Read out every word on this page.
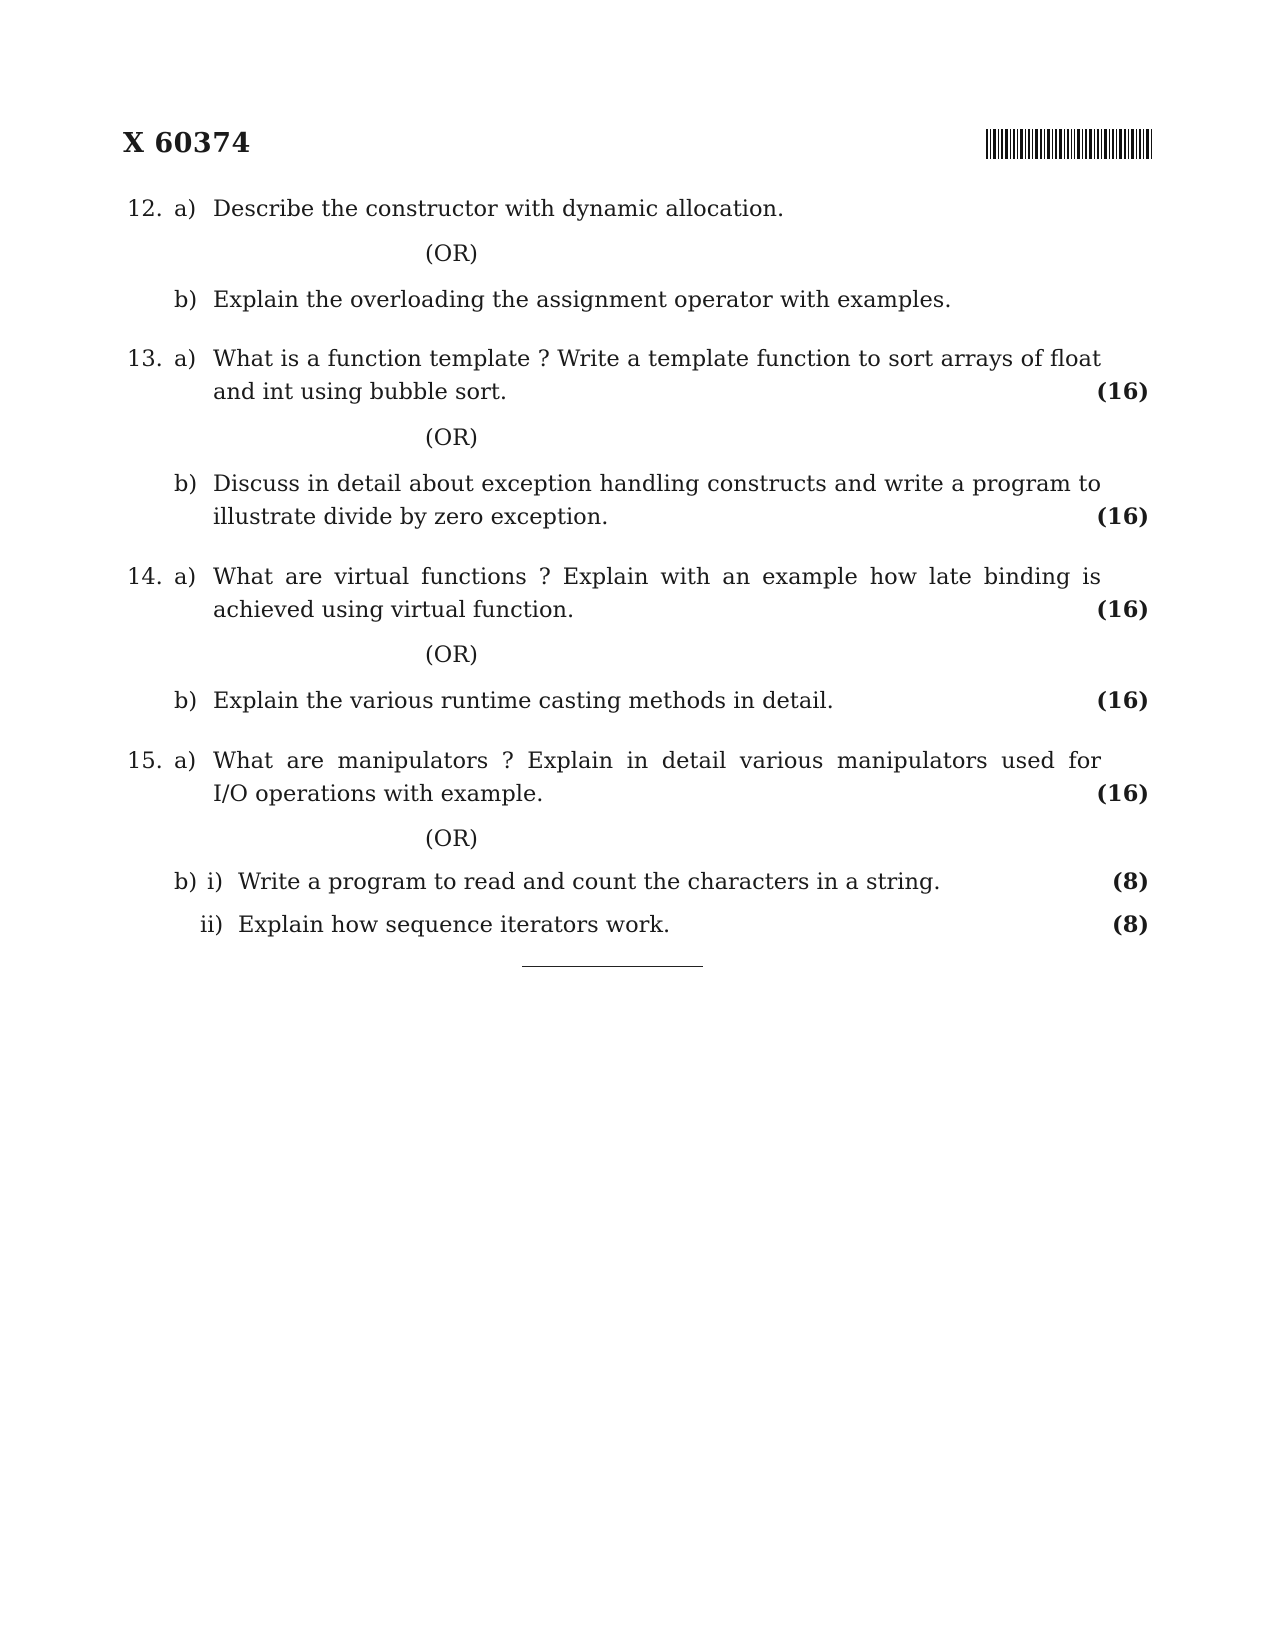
X 60374
12. a) Describe the constructor with dynamic allocation.
(OR)
b) Explain the overloading the assignment operator with examples.
13. a) What is a function template ? Write a template function to sort arrays of float
and int using bubble sort.	(16)
(OR)
b) Discuss in detail about exception handling constructs and write a program to
illustrate divide by zero exception.	(16)
14. a) What are virtual functions ? Explain with an example how late binding is
achieved using virtual function.	(16)
(OR)
b) Explain the various runtime casting methods in detail.	(16)
15. a) What are manipulators ? Explain in detail various manipulators used for
I/O operations with example.	(16)
(OR)
b) i) Write a program to read and count the characters in a string.	(8)
ii) Explain how sequence iterators work.	(8)
